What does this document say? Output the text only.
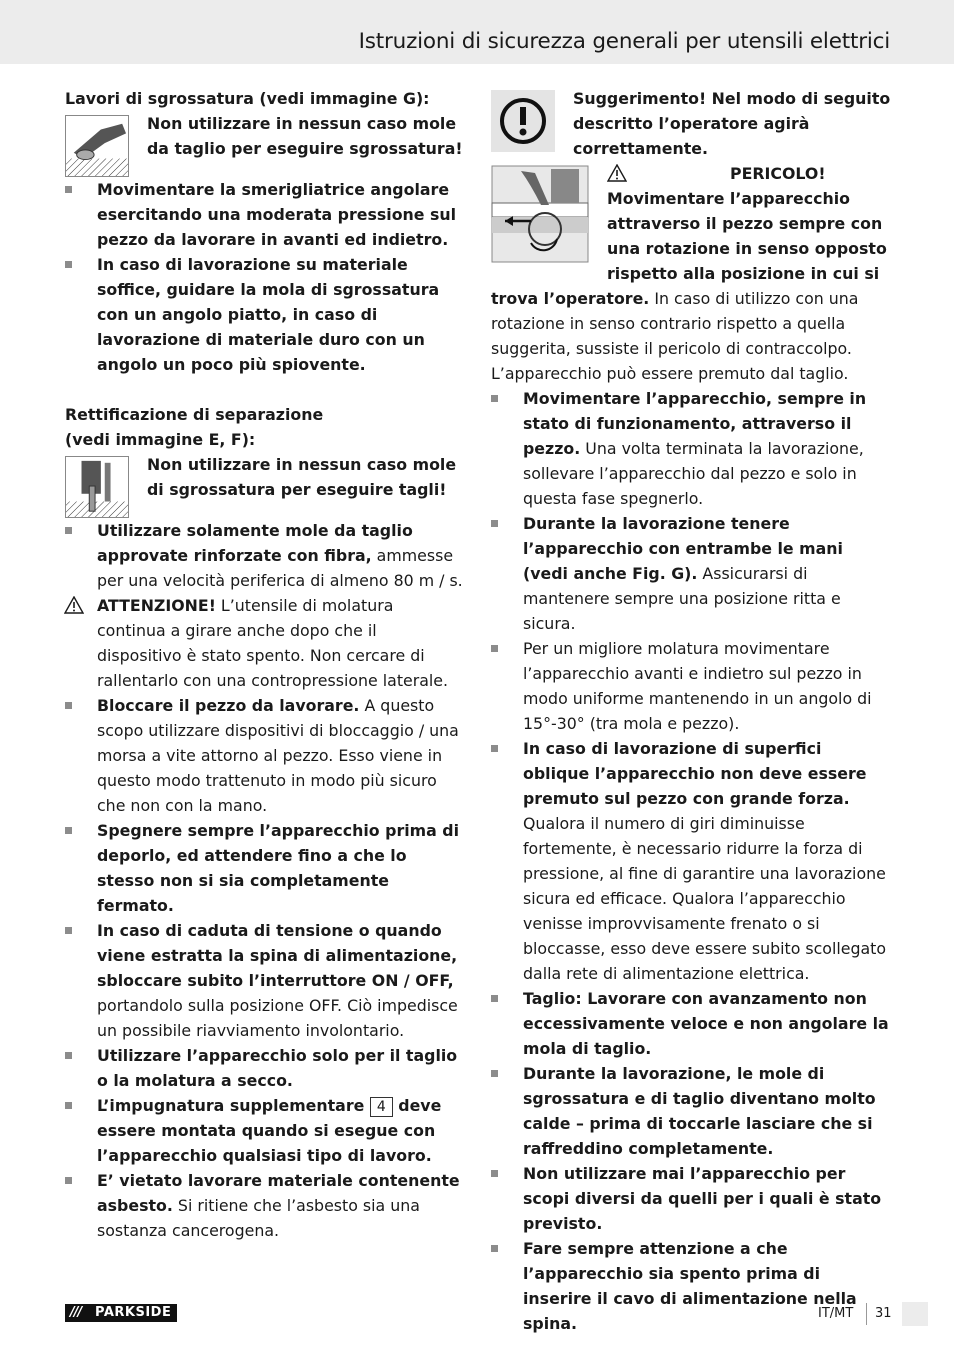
Istruzioni di sicurezza generali per utensili elettrici

Lavori di sgrossatura (vedi immagine G):

Non utilizzare in nessun caso mole da taglio per eseguire sgrossatura!

Movimentare la smerigliatrice angolare esercitando una moderata pressione sul pezzo da lavorare in avanti ed indietro.

In caso di lavorazione su materiale soffice, guidare la mola di sgrossatura con un angolo piatto, in caso di lavorazione di materiale duro con un angolo un poco più spiovente.

Rettificazione di separazione

(vedi immagine E, F):

Non utilizzare in nessun caso mole di sgrossatura per eseguire tagli!

Utilizzare solamente mole da taglio approvate rinforzate con fibra, ammesse per una velocità periferica di almeno 80 m / s.

ATTENZIONE! L’utensile di molatura continua a girare anche dopo che il dispositivo è stato spento. Non cercare di rallentarlo con una contropressione laterale.

Bloccare il pezzo da lavorare. A questo scopo utilizzare dispositivi di bloccaggio / una morsa a vite attorno al pezzo. Esso viene in questo modo trattenuto in modo più sicuro che non con la mano.

Spegnere sempre l’apparecchio prima di deporlo, ed attendere fino a che lo stesso non si sia completamente fermato.

In caso di caduta di tensione o quando viene estratta la spina di alimentazione, sbloccare subito l’interruttore ON / OFF, portandolo sulla posizione OFF. Ciò impedisce un possibile riavviamento involontario.

Utilizzare l’apparecchio solo per il taglio o la molatura a secco.

L’impugnatura supplementare 4 deve essere montata quando si esegue con l’apparecchio qualsiasi tipo di lavoro.

E’ vietato lavorare materiale contenente asbesto. Si ritiene che l’asbesto sia una sostanza cancerogena.

Suggerimento! Nel modo di seguito descritto l’operatore agirà correttamente.

PERICOLO! Movimentare l’apparecchio attraverso il pezzo sempre con una rotazione in senso opposto rispetto alla posizione in cui si trova l’operatore. In caso di utilizzo con una rotazione in senso contrario rispetto a quella suggerita, sussiste il pericolo di contraccolpo. L’apparecchio può essere premuto dal taglio.

Movimentare l’apparecchio, sempre in stato di funzionamento, attraverso il pezzo. Una volta terminata la lavorazione, sollevare l’apparecchio dal pezzo e solo in questa fase spegnerlo.

Durante la lavorazione tenere l’apparecchio con entrambe le mani (vedi anche Fig. G). Assicurarsi di mantenere sempre una posizione ritta e sicura.

Per un migliore molatura movimentare l’apparecchio avanti e indietro sul pezzo in modo uniforme mantenendo in un angolo di 15°-30° (tra mola e pezzo).

In caso di lavorazione di superfici oblique l’apparecchio non deve essere premuto sul pezzo con grande forza. Qualora il numero di giri diminuisse fortemente, è necessario ridurre la forza di pressione, al fine di garantire una lavorazione sicura ed efficace. Qualora l’apparecchio venisse improvvisamente frenato o si bloccasse, esso deve essere subito scollegato dalla rete di alimentazione elettrica.

Taglio: Lavorare con avanzamento non eccessivamente veloce e non angolare la mola di taglio.

Durante la lavorazione, le mole di sgrossatura e di taglio diventano molto calde – prima di toccarle lasciare che si raffreddino completamente.

Non utilizzare mai l’apparecchio per scopi diversi da quelli per i quali è stato previsto.

Fare sempre attenzione a che l’apparecchio sia spento prima di inserire il cavo di alimentazione nella spina.

/// PARKSIDE	IT/MT 31
